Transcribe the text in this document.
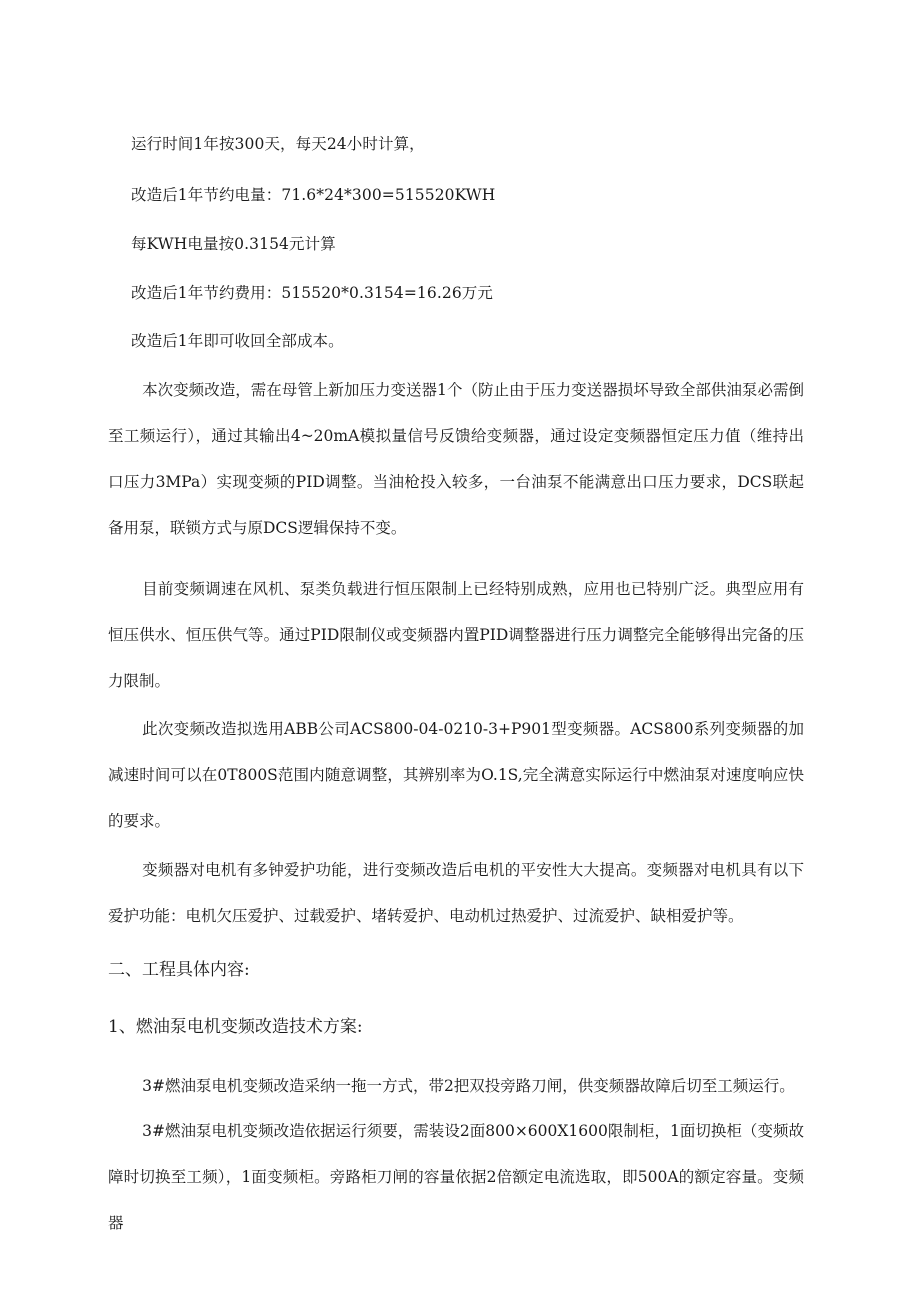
运行时间1年按300天，每天24小时计算，
改造后1年节约电量：71.6*24*300=515520KWH
每KWH电量按0.3154元计算
改造后1年节约费用：515520*0.3154=16.26万元
改造后1年即可收回全部成本。
本次变频改造，需在母管上新加压力变送器1个（防止由于压力变送器损坏导致全部供油泵必需倒至工频运行），通过其输出4~20mA模拟量信号反馈给变频器，通过设定变频器恒定压力值（维持出口压力3MPa）实现变频的PID调整。当油枪投入较多，一台油泵不能满意出口压力要求，DCS联起备用泵，联锁方式与原DCS逻辑保持不变。
目前变频调速在风机、泵类负载进行恒压限制上已经特别成熟，应用也已特别广泛。典型应用有恒压供水、恒压供气等。通过PID限制仪或变频器内置PID调整器进行压力调整完全能够得出完备的压力限制。
此次变频改造拟选用ABB公司ACS800-04-0210-3+P901型变频器。ACS800系列变频器的加减速时间可以在0T800S范围内随意调整，其辨别率为O.1S,完全满意实际运行中燃油泵对速度响应快的要求。
变频器对电机有多钟爱护功能，进行变频改造后电机的平安性大大提高。变频器对电机具有以下爱护功能：电机欠压爱护、过载爱护、堵转爱护、电动机过热爱护、过流爱护、缺相爱护等。
二、工程具体内容:
1、燃油泵电机变频改造技术方案:
3#燃油泵电机变频改造采纳一拖一方式，带2把双投旁路刀闸，供变频器故障后切至工频运行。
3#燃油泵电机变频改造依据运行须要，需装设2面800×600X1600限制柜，1面切换柜（变频故障时切换至工频），1面变频柜。旁路柜刀闸的容量依据2倍额定电流选取，即500A的额定容量。变频器
